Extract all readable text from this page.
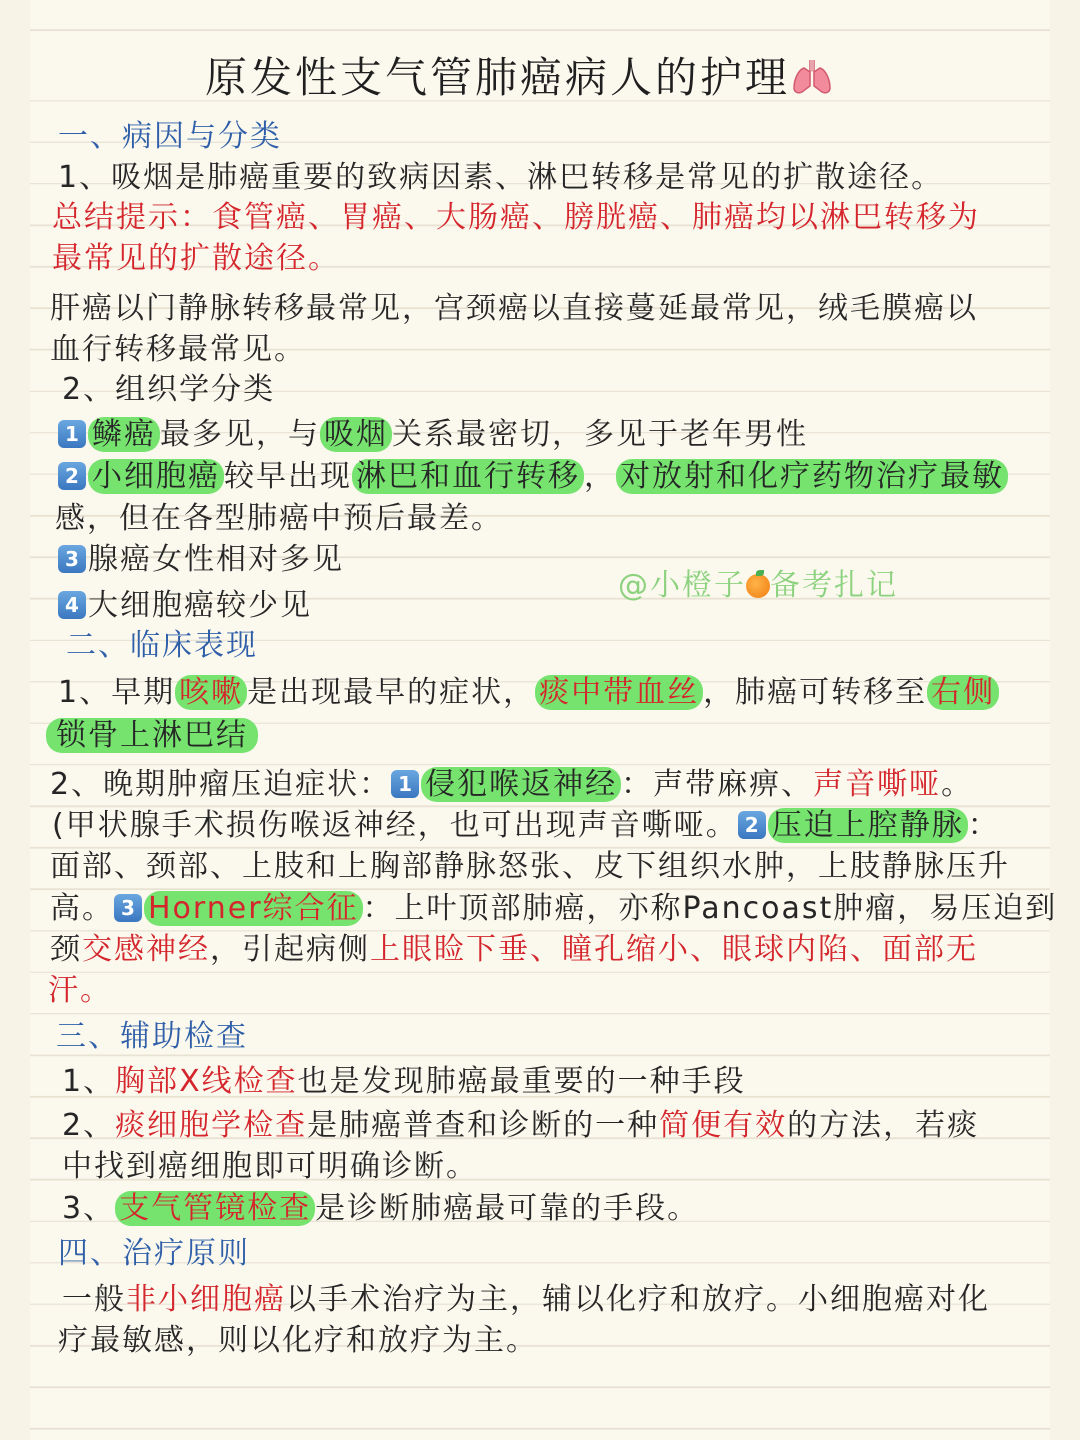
原发性支气管肺癌病人的护理
一、病因与分类
1、吸烟是肺癌重要的致病因素、淋巴转移是常见的扩散途径。
总结提示：食管癌、胃癌、大肠癌、膀胱癌、肺癌均以淋巴转移为
最常见的扩散途径。
肝癌以门静脉转移最常见，宫颈癌以直接蔓延最常见，绒毛膜癌以
血行转移最常见。
2、组织学分类
1 鳞癌 最多见，与 吸烟 关系最密切，多见于老年男性
2 小细胞癌 较早出现 淋巴和血行转移 ， 对放射和化疗药物治疗最敏
感，但在各型肺癌中预后最差。
3 腺癌女性相对多见
@小橙子 备考扎记
4 大细胞癌较少见
二、临床表现
1、早期 咳嗽 是出现最早的症状， 痰中带血丝 ，肺癌可转移至 右侧
锁骨上淋巴结
2、晚期肿瘤压迫症状： 1 侵犯喉返神经 ：声带麻痹、声音嘶哑。
(甲状腺手术损伤喉返神经，也可出现声音嘶哑。 2 压迫上腔静脉 ：
面部、颈部、上肢和上胸部静脉怒张、皮下组织水肿，上肢静脉压升
高。 3 Horner综合征 ：上叶顶部肺癌，亦称Pancoast肿瘤，易压迫到
颈交感神经，引起病侧上眼睑下垂、瞳孔缩小、眼球内陷、面部无
汗。
三、辅助检查
1、胸部X线检查也是发现肺癌最重要的一种手段
2、痰细胞学检查是肺癌普查和诊断的一种简便有效的方法，若痰
中找到癌细胞即可明确诊断。
3、 支气管镜检查 是诊断肺癌最可靠的手段。
四、治疗原则
一般非小细胞癌以手术治疗为主，辅以化疗和放疗。小细胞癌对化
疗最敏感，则以化疗和放疗为主。
